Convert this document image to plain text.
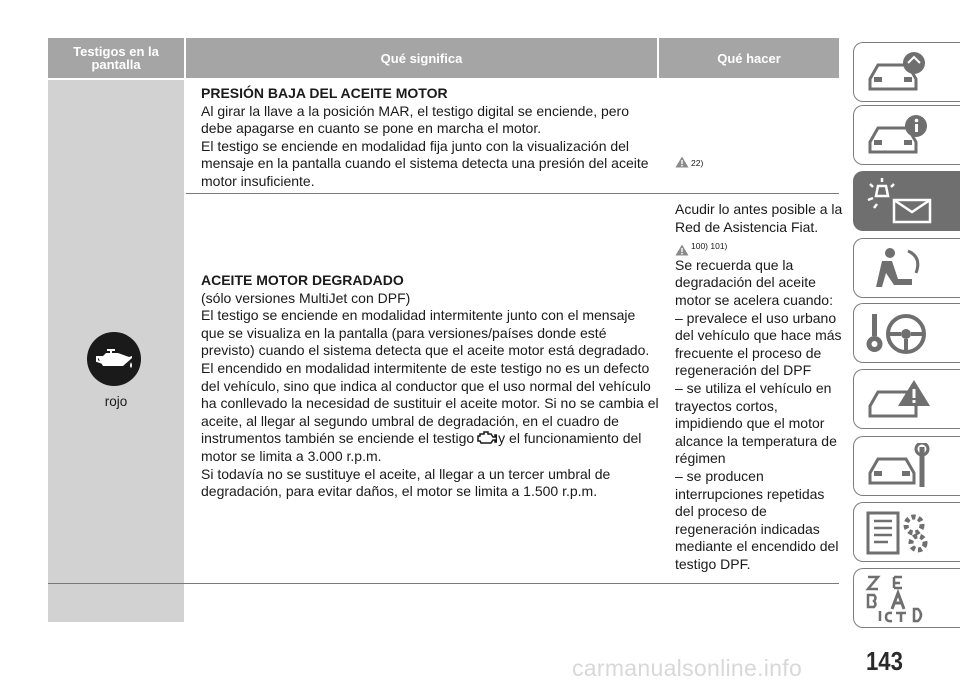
Testigos en la pantalla	Qué significa	Qué hacer
rojo
PRESIÓN BAJA DEL ACEITE MOTOR
Al girar la llave a la posición MAR, el testigo digital se enciende, pero debe apagarse en cuanto se pone en marcha el motor.
El testigo se enciende en modalidad fija junto con la visualización del mensaje en la pantalla cuando el sistema detecta una presión del aceite motor insuficiente.
22)
ACEITE MOTOR DEGRADADO
(sólo versiones MultiJet con DPF)
El testigo se enciende en modalidad intermitente junto con el mensaje que se visualiza en la pantalla (para versiones/países donde esté previsto) cuando el sistema detecta que el aceite motor está degradado.
El encendido en modalidad intermitente de este testigo no es un defecto del vehículo, sino que indica al conductor que el uso normal del vehículo ha conllevado la necesidad de sustituir el aceite motor. Si no se cambia el aceite, al llegar al segundo umbral de degradación, en el cuadro de instrumentos también se enciende el testigo y el funcionamiento del motor se limita a 3.000 r.p.m.
Si todavía no se sustituye el aceite, al llegar a un tercer umbral de degradación, para evitar daños, el motor se limita a 1.500 r.p.m.
Acudir lo antes posible a la Red de Asistencia Fiat.
100) 101)
Se recuerda que la degradación del aceite motor se acelera cuando:
– prevalece el uso urbano del vehículo que hace más frecuente el proceso de regeneración del DPF
– se utiliza el vehículo en trayectos cortos, impidiendo que el motor alcance la temperatura de régimen
– se producen interrupciones repetidas del proceso de regeneración indicadas mediante el encendido del testigo DPF.
143
carmanualsonline.info
